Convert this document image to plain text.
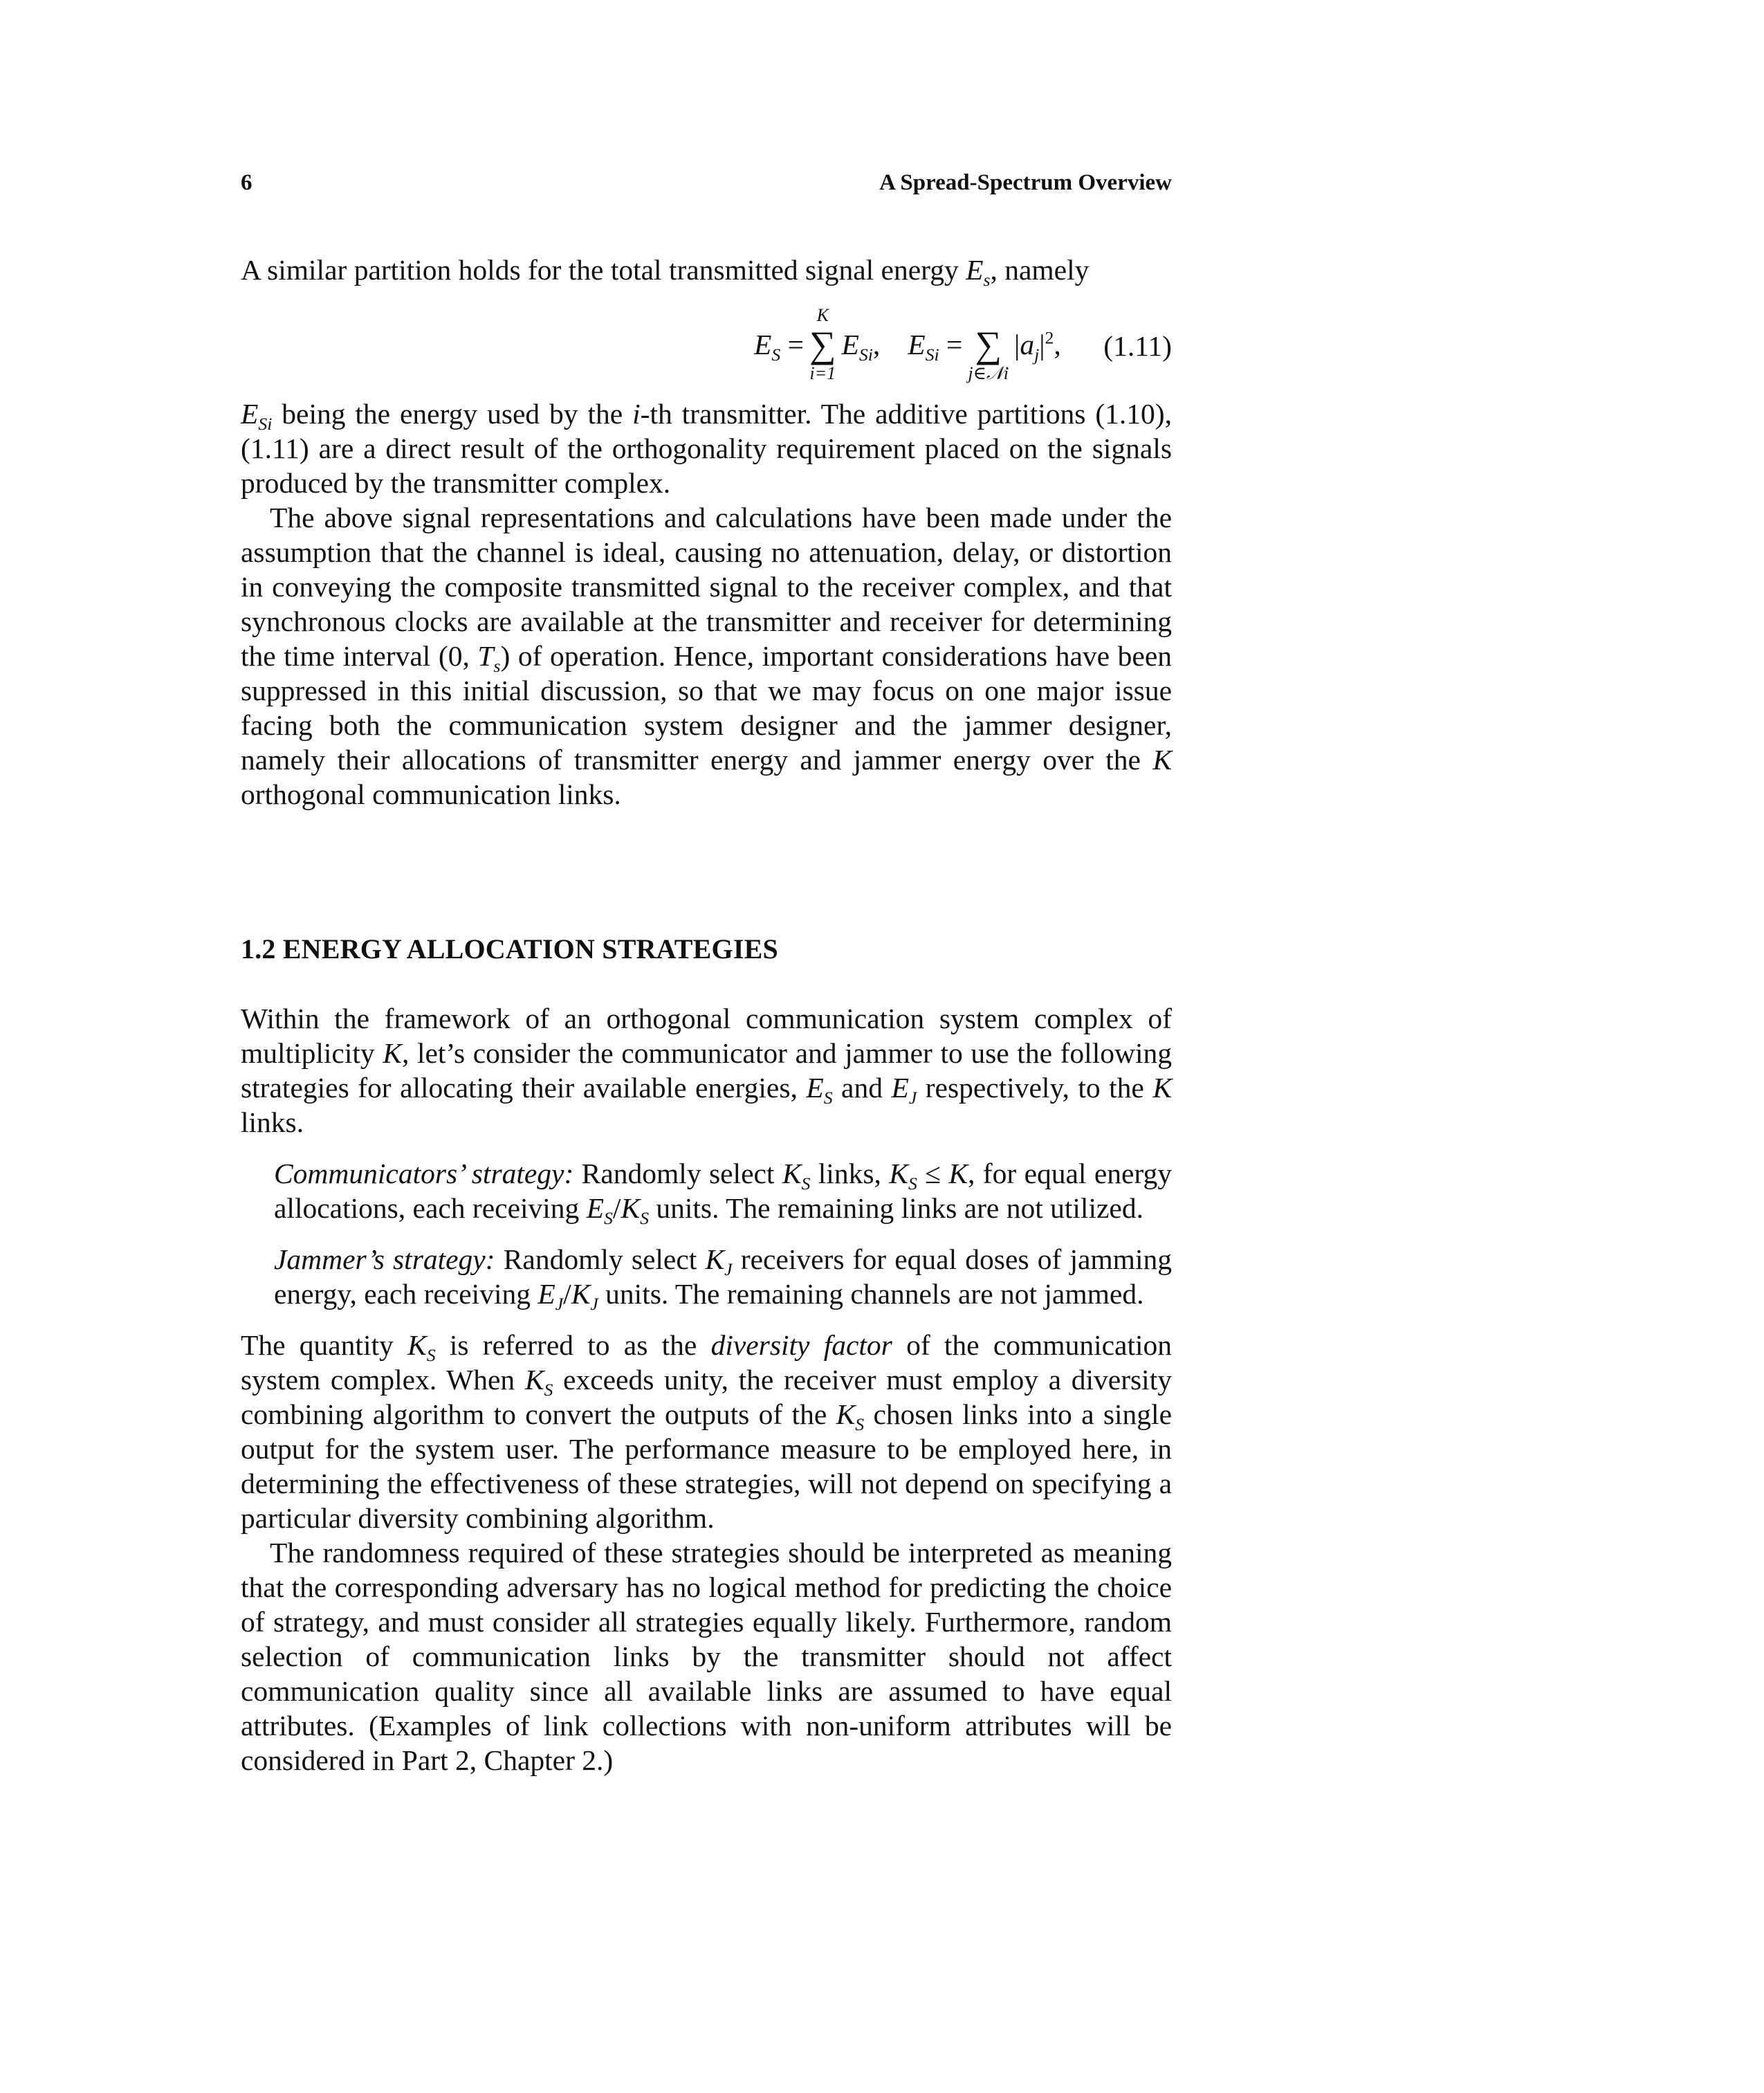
6	A Spread-Spectrum Overview

A similar partition holds for the total transmitted signal energy $E_s$, namely

$E_S$ =
K
∑
i=1
$E_{Si}$, $E_{Si}$ = ∑
j∈𝒩i
$|a_j|^2$, (1.11)

$E_{Si}$ being the energy used by the i-th transmitter. The additive partitions (1.10), (1.11) are a direct result of the orthogonality requirement placed on the signals produced by the transmitter complex.

The above signal representations and calculations have been made under the assumption that the channel is ideal, causing no attenuation, delay, or distortion in conveying the composite transmitted signal to the receiver complex, and that synchronous clocks are available at the transmitter and receiver for determining the time interval (0, $T_s$) of operation. Hence, important considerations have been suppressed in this initial discussion, so that we may focus on one major issue facing both the communication system designer and the jammer designer, namely their allocations of transmitter energy and jammer energy over the K orthogonal communication links.

1.2 ENERGY ALLOCATION STRATEGIES

Within the framework of an orthogonal communication system complex of multiplicity K, let’s consider the communicator and jammer to use the following strategies for allocating their available energies, $E_S$ and $E_J$ respectively, to the K links.

Communicators’ strategy: Randomly select $K_S$ links, $K_S \le K$, for equal energy allocations, each receiving $E_S/K_S$ units. The remaining links are not utilized.

Jammer’s strategy: Randomly select $K_J$ receivers for equal doses of jamming energy, each receiving $E_J/K_J$ units. The remaining channels are not jammed.

The quantity $K_S$ is referred to as the diversity factor of the communication system complex. When $K_S$ exceeds unity, the receiver must employ a diversity combining algorithm to convert the outputs of the $K_S$ chosen links into a single output for the system user. The performance measure to be employed here, in determining the effectiveness of these strategies, will not depend on specifying a particular diversity combining algorithm.

The randomness required of these strategies should be interpreted as meaning that the corresponding adversary has no logical method for predicting the choice of strategy, and must consider all strategies equally likely. Furthermore, random selection of communication links by the transmitter should not affect communication quality since all available links are assumed to have equal attributes. (Examples of link collections with non-uniform attributes will be considered in Part 2, Chapter 2.)
